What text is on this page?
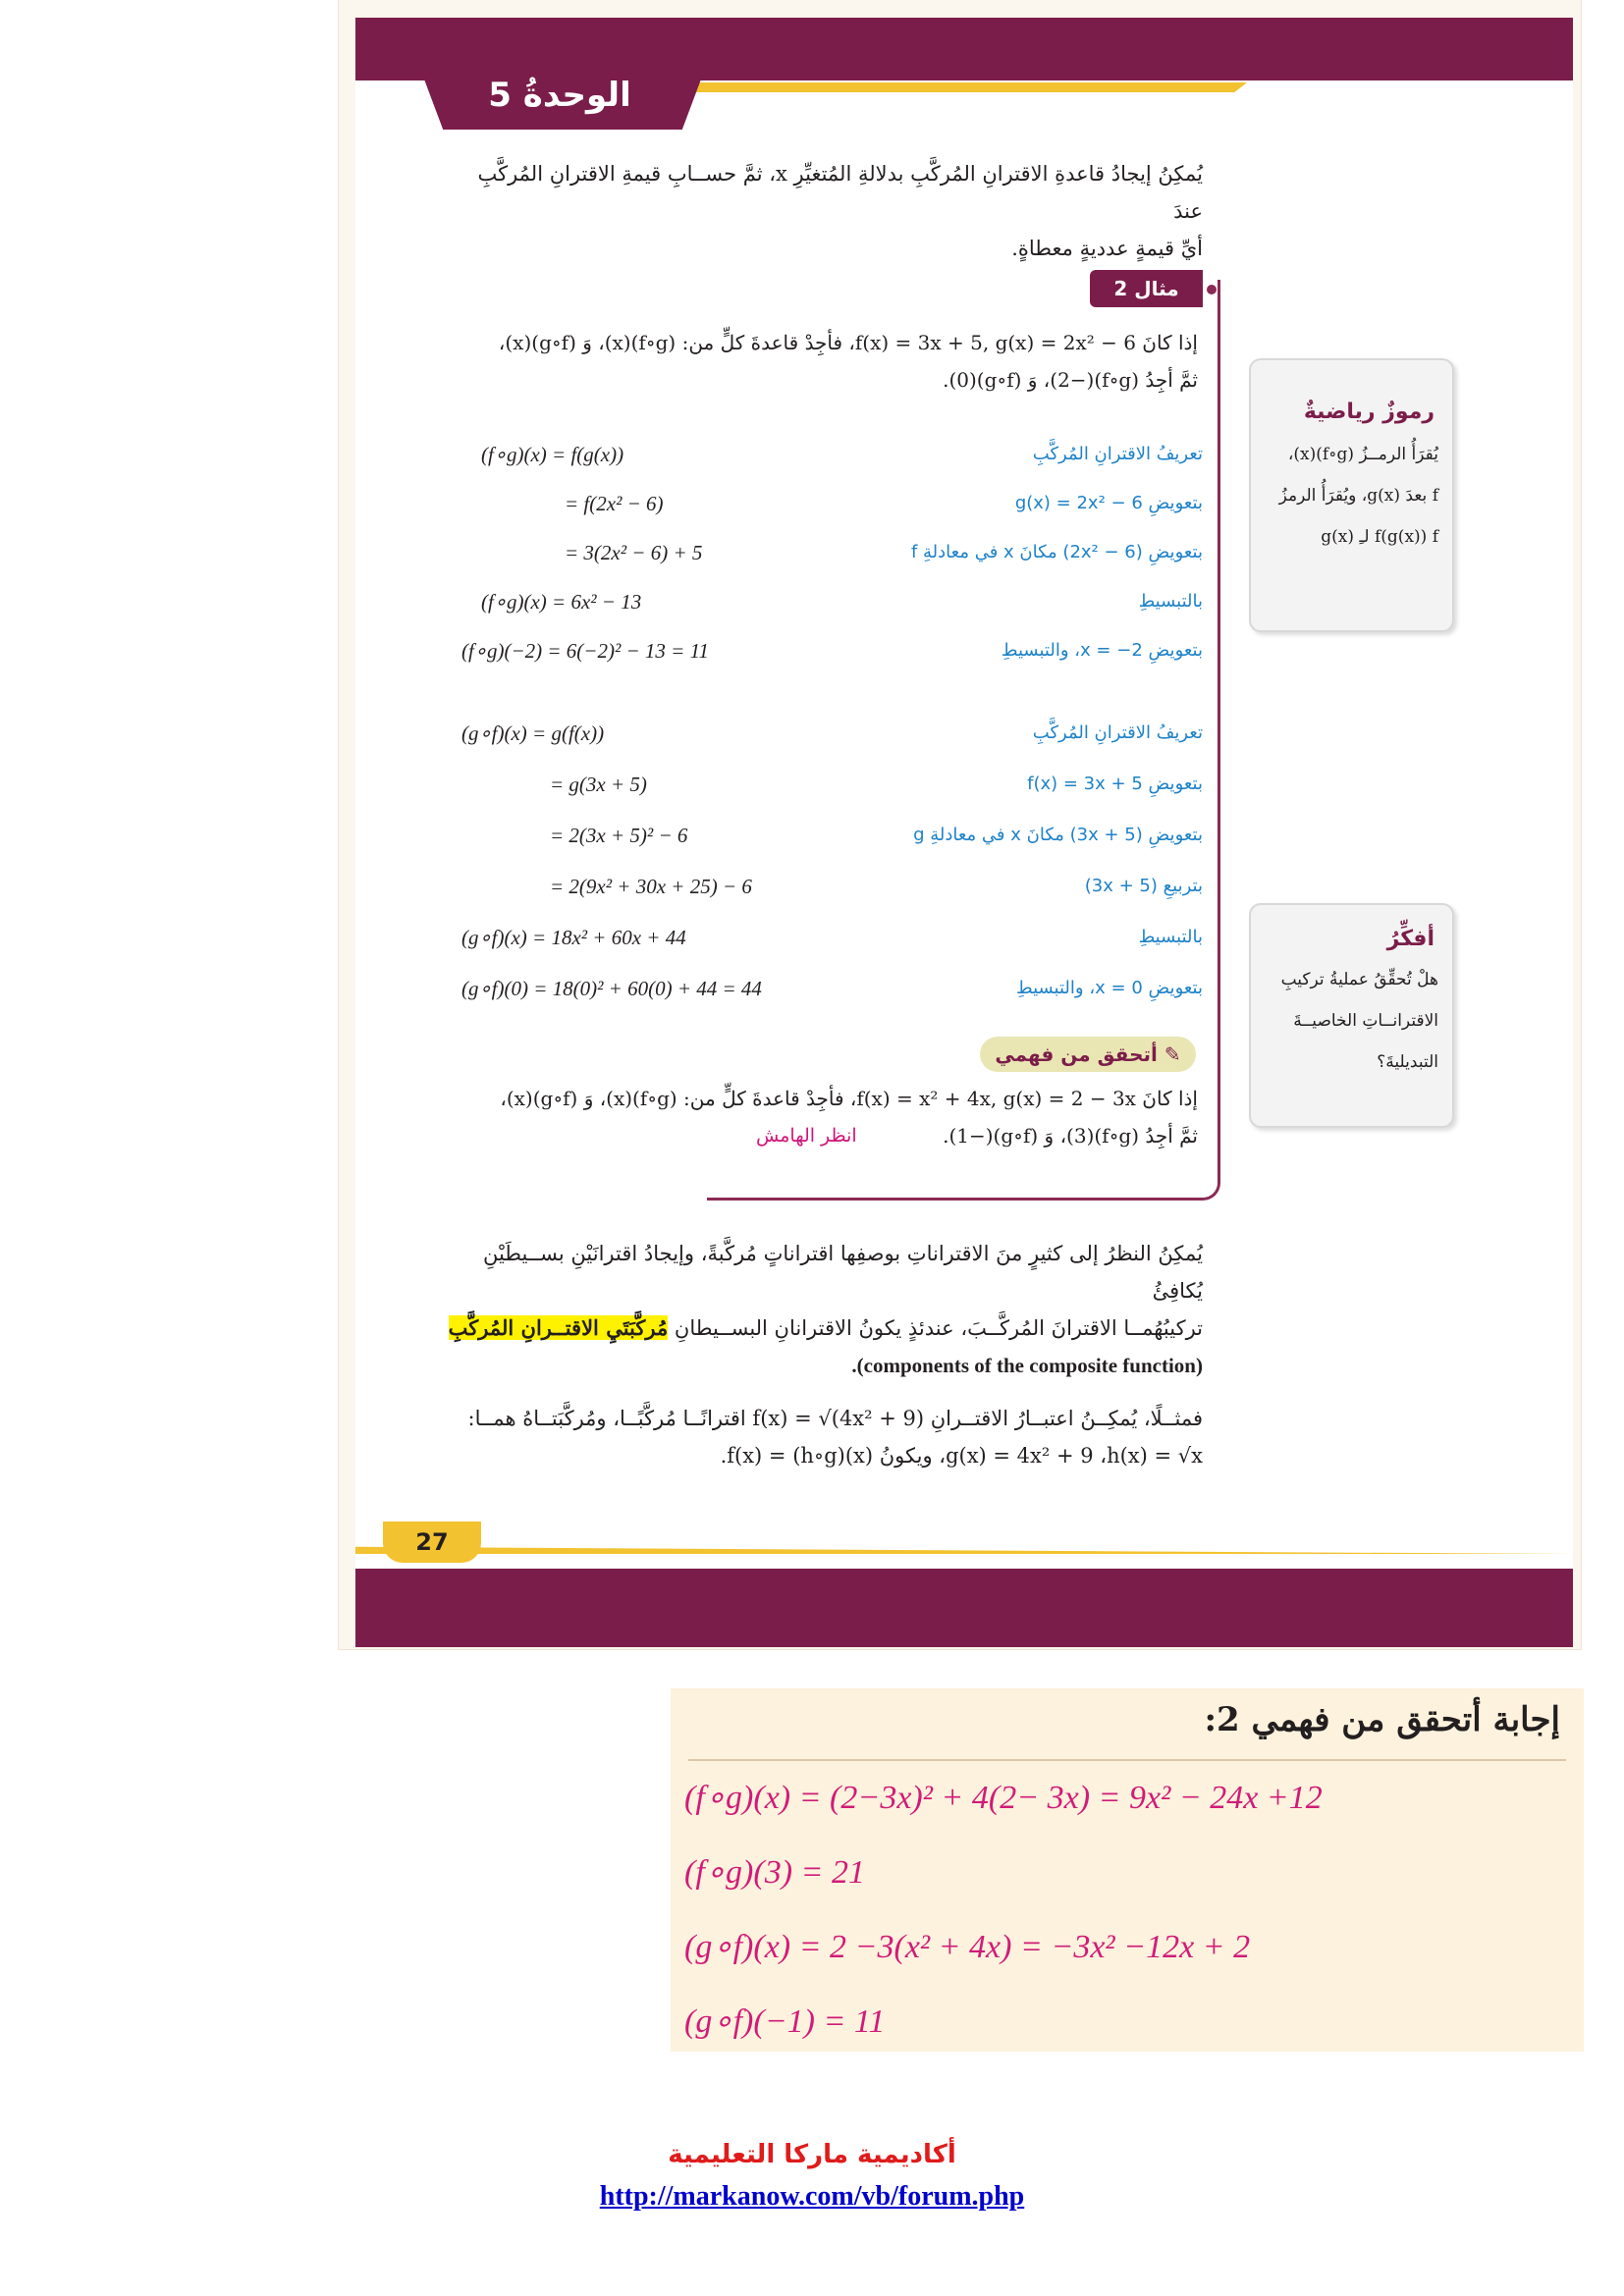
الوحدةُ 5
يُمكِنُ إيجادُ قاعدةِ الاقترانِ المُركَّبِ بدلالةِ المُتغيِّرِ x، ثمَّ حســابِ قيمةِ الاقترانِ المُركَّبِ عندَ
أيِّ قيمةٍ عدديةٍ معطاةٍ.
مثال 2
إذا كانَ f(x) = 3x + 5, g(x) = 2x² − 6، فأجِدْ قاعدةَ كلٍّ من: (f∘g)(x)، وَ (g∘f)(x)،
ثمَّ أجِدُ (f∘g)(−2)، وَ (g∘f)(0).
(f∘g)(x) = f(g(x))	تعريفُ الاقترانِ المُركَّبِ
= f(2x² − 6)	بتعويضِ g(x) = 2x² − 6
= 3(2x² − 6) + 5	بتعويضِ (2x² − 6) مكانَ x في معادلةِ f
(f∘g)(x) = 6x² − 13	بالتبسيطِ
(f∘g)(−2) = 6(−2)² − 13 = 11	بتعويضِ x = −2، والتبسيطِ
(g∘f)(x) = g(f(x))	تعريفُ الاقترانِ المُركَّبِ
= g(3x + 5)	بتعويضِ f(x) = 3x + 5
= 2(3x + 5)² − 6	بتعويضِ (3x + 5) مكانَ x في معادلةِ g
= 2(9x² + 30x + 25) − 6	بتربيعِ (3x + 5)
(g∘f)(x) = 18x² + 60x + 44	بالتبسيطِ
(g∘f)(0) = 18(0)² + 60(0) + 44 = 44	بتعويضِ x = 0، والتبسيطِ
✎ أتحقق من فهمي
إذا كانَ f(x) = x² + 4x, g(x) = 2 − 3x، فأجِدْ قاعدةَ كلٍّ من: (f∘g)(x)، وَ (g∘f)(x)،
ثمَّ أجِدُ (f∘g)(3)، وَ (g∘f)(−1).
انظر الهامش
رموزٌ رياضيةٌ
يُقرَأُ الرمــزُ (f∘g)(x)،
f بعدَ g(x)، ويُقرَأُ الرمزُ
f(g(x)) f لـِ g(x)
أفكِّرُ
هلْ تُحقِّقُ عمليةُ تركيبِ
الاقترانــاتِ الخاصيــةَ
التبديليةَ؟
يُمكِنُ النظرُ إلى كثيرٍ منَ الاقتراناتِ بوصفِها اقتراناتٍ مُركَّبةً، وإيجادُ اقترانَيْنِ بســيطَيْنِ يُكافِئُ
تركيبُهُمــا الاقترانَ المُركَّــبَ، عندئذٍ يكونُ الاقترانانِ البســيطانِ مُركَّبَتَيِ الاقتــرانِ المُركَّبِ
(components of the composite function).
فمثــلًا، يُمكِــنُ اعتبــارُ الاقتــرانِ f(x) = √(4x² + 9) اقترانًــا مُركَّبًــا، ومُركَّبَتــاهُ همــا:
g(x) = 4x² + 9 ،h(x) = √x، ويكونُ f(x) = (h∘g)(x).
27
إجابة أتحقق من فهمي 2:
(f∘g)(x) = (2−3x)² + 4(2− 3x) = 9x² − 24x +12
(f∘g)(3) = 21
(g∘f)(x) = 2 −3(x² + 4x) = −3x² −12x + 2
(g∘f)(−1) = 11
أكاديمية ماركا التعليمية
http://markanow.com/vb/forum.php
